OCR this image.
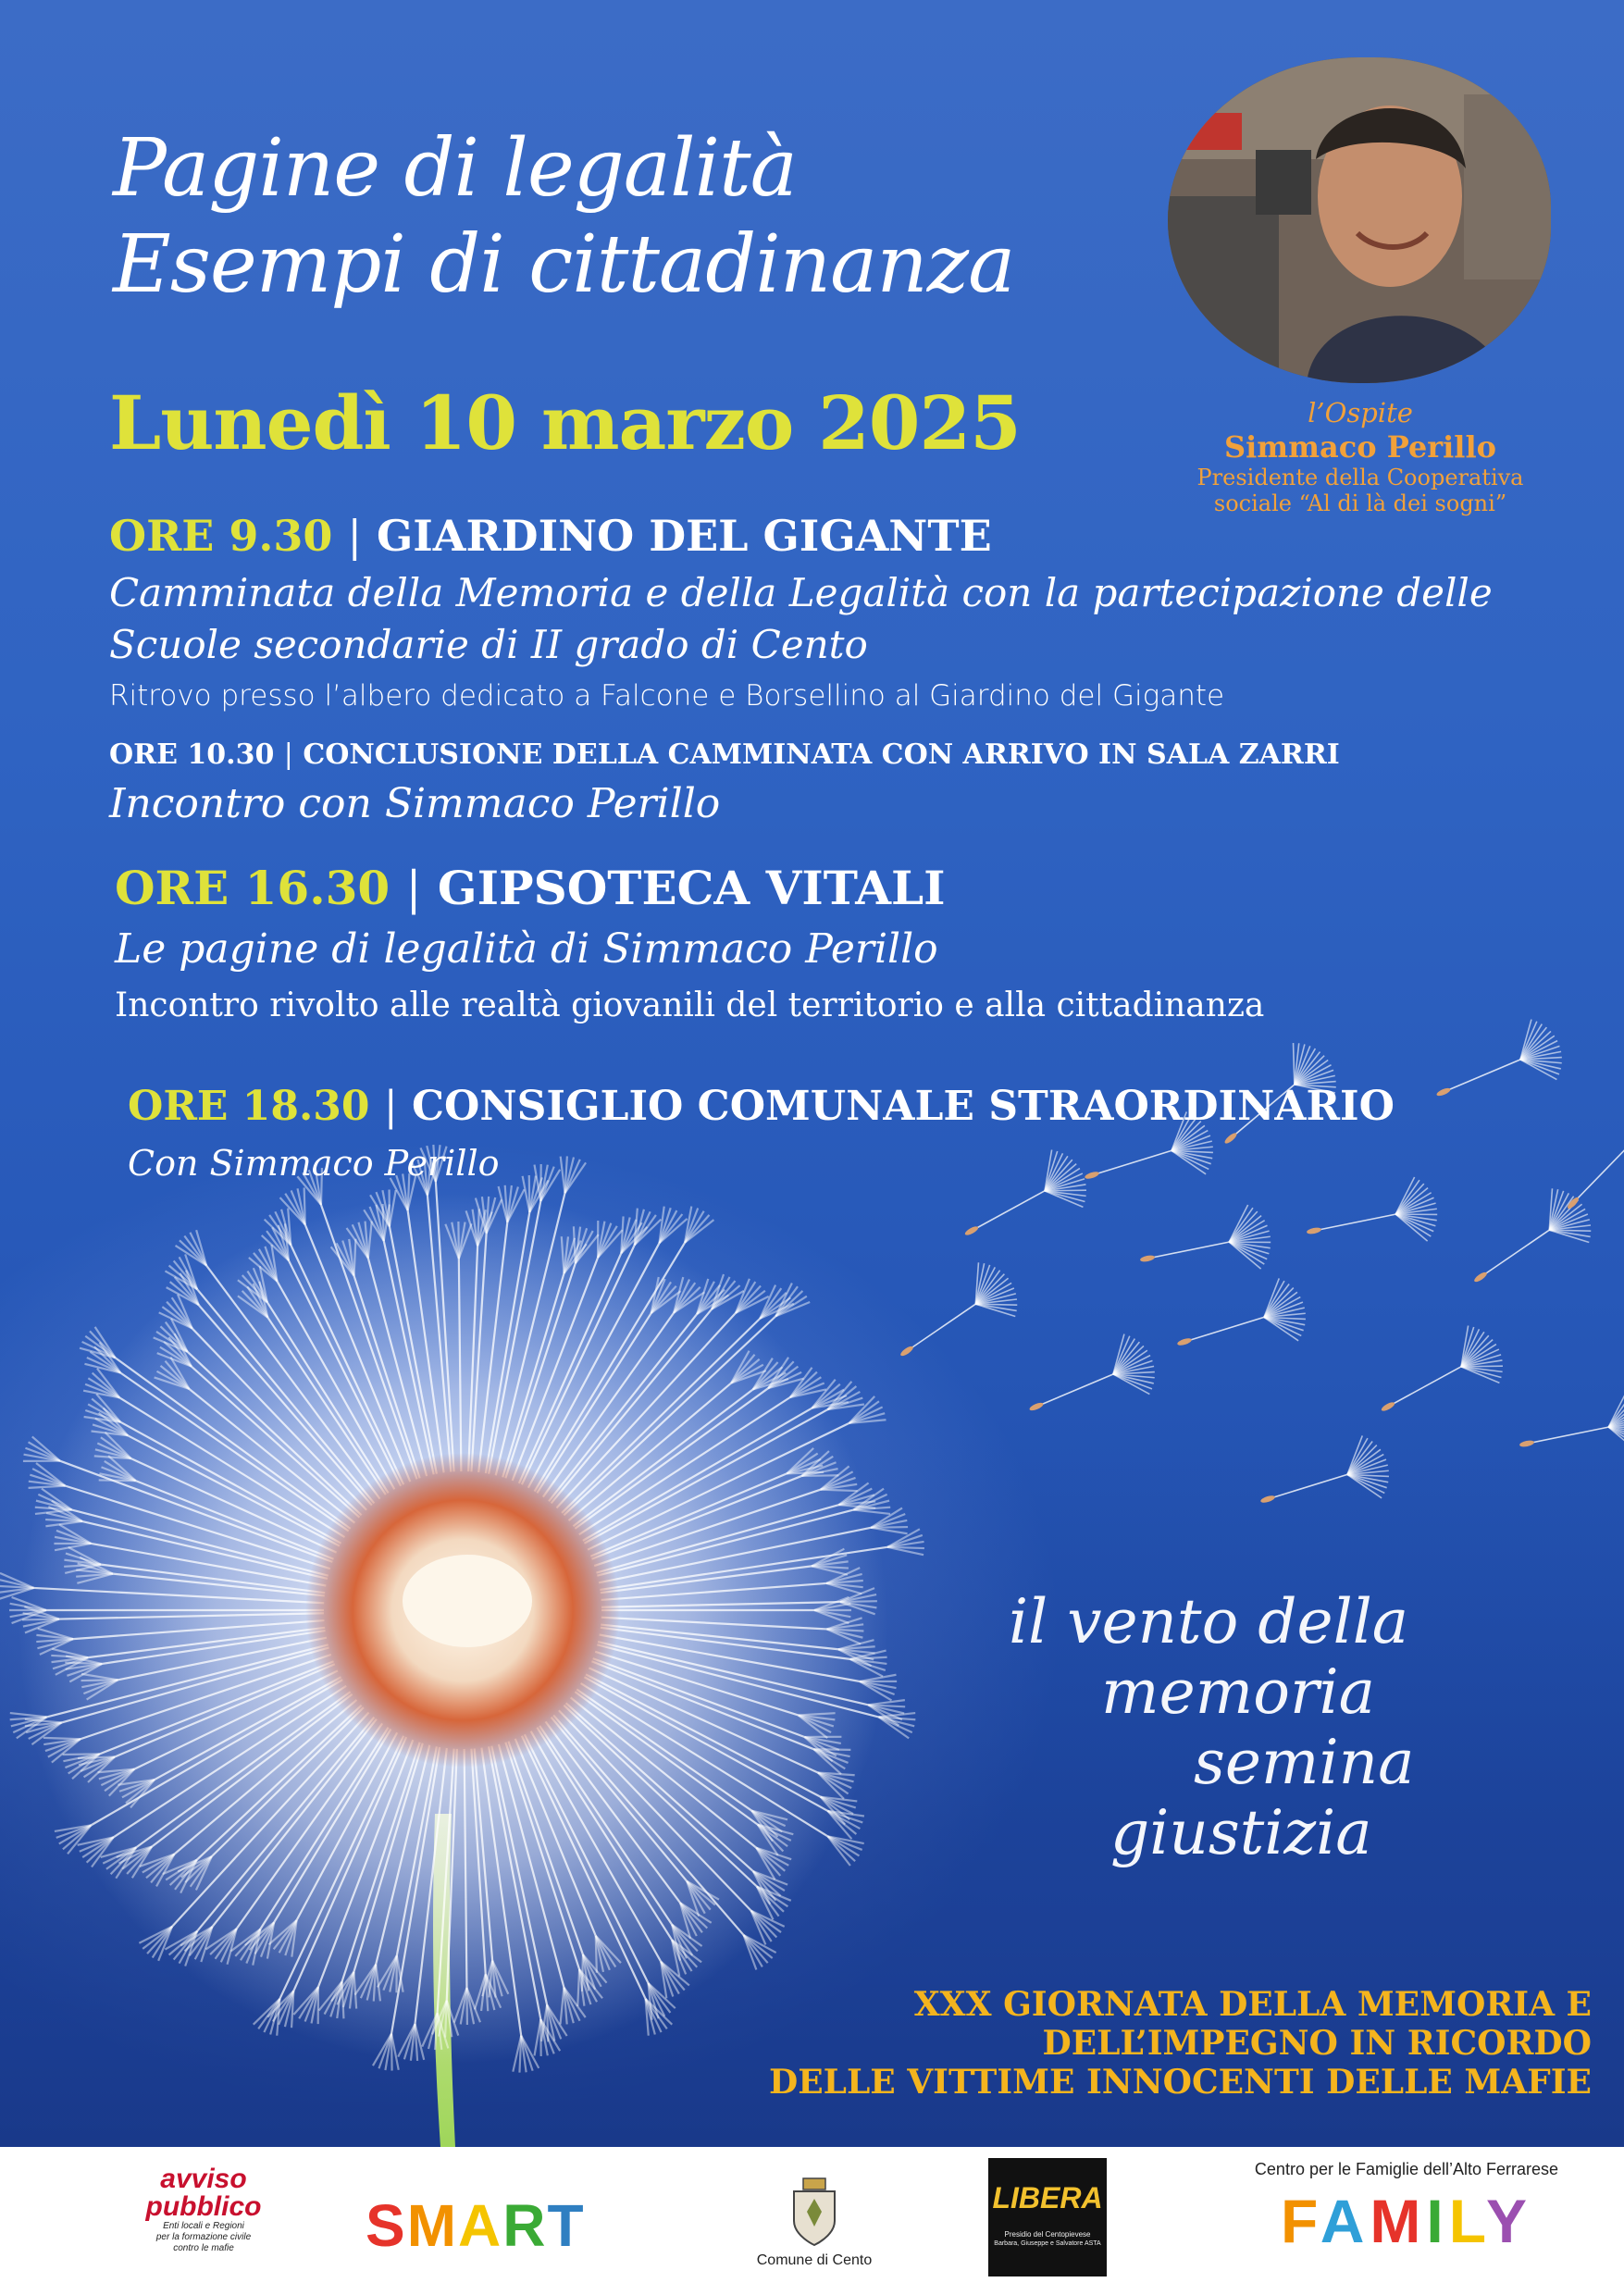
Pagine di legalità
Esempi di cittadinanza
Lunedì 10 marzo 2025	l’Ospite
Simmaco Perillo
Presidente della Cooperativa
sociale “Al di là dei sogni”
ORE 9.30 | GIARDINO DEL GIGANTE
Camminata della Memoria e della Legalità con la partecipazione delle
Scuole secondarie di II grado di Cento
Ritrovo presso l’albero dedicato a Falcone e Borsellino al Giardino del Gigante
ORE 10.30 | CONCLUSIONE DELLA CAMMINATA CON ARRIVO IN SALA ZARRI
Incontro con Simmaco Perillo
ORE 16.30 | GIPSOTECA VITALI
Le pagine di legalità di Simmaco Perillo
Incontro rivolto alle realtà giovanili del territorio e alla cittadinanza
ORE 18.30 | CONSIGLIO COMUNALE STRAORDINARIO
Con Simmaco Perillo
il vento della
memoria
semina
giustizia
XXX GIORNATA DELLA MEMORIA E
DELL’IMPEGNO IN RICORDO
DELLE VITTIME INNOCENTI DELLE MAFIE
avviso
pubblico
Enti locali e Regioni
per la formazione civile
contro le mafie	SMART
Comune di Cento
LIBERA
Presidio del Centopievese
Barbara, Giuseppe e Salvatore ASTA
Centro per le Famiglie dell’Alto Ferrarese
FAMILY
